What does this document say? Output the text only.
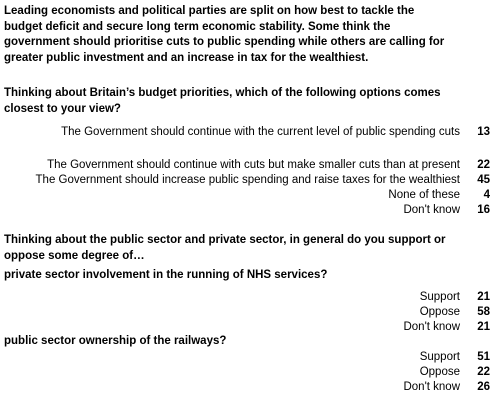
Leading economists and political parties are split on how best to tackle the
budget deficit and secure long term economic stability. Some think the
government should prioritise cuts to public spending while others are calling for
greater public investment and an increase in tax for the wealthiest.
Thinking about Britain’s budget priorities, which of the following options comes
closest to your view?
The Government should continue with the current level of public spending cuts	13
The Government should continue with cuts but make smaller cuts than at present	22
The Government should increase public spending and raise taxes for the wealthiest	45
None of these	4
Don't know	16
Thinking about the public sector and private sector, in general do you support or
oppose some degree of…
private sector involvement in the running of NHS services?
Support	21
Oppose	58
Don't know	21
public sector ownership of the railways?
Support	51
Oppose	22
Don't know	26
